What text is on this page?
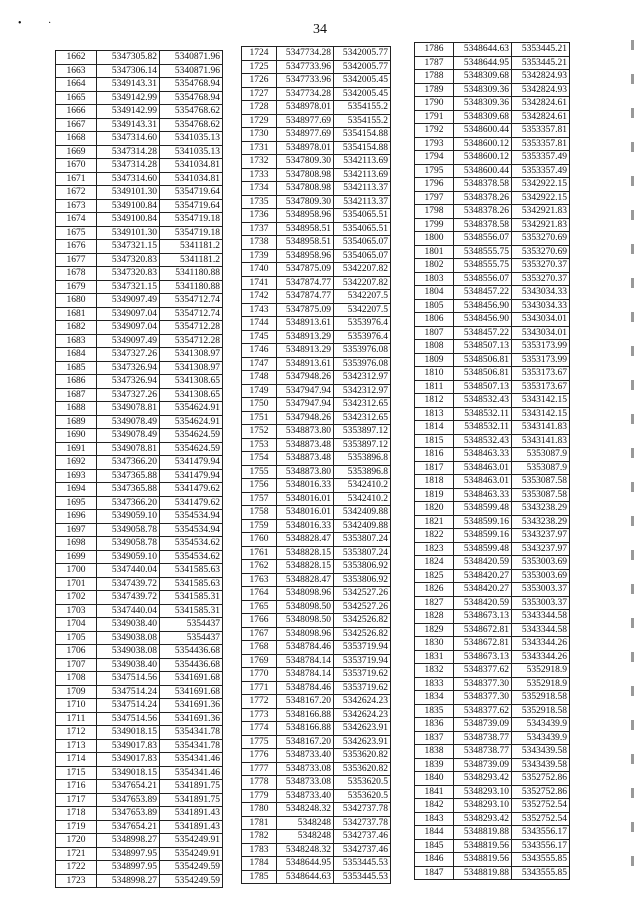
•	·	34
1662	5347305.82	5340871.96
1663	5347306.14	5340871.96
1664	5349143.31	5354768.94
1665	5349142.99	5354768.94
1666	5349142.99	5354768.62
1667	5349143.31	5354768.62
1668	5347314.60	5341035.13
1669	5347314.28	5341035.13
1670	5347314.28	5341034.81
1671	5347314.60	5341034.81
1672	5349101.30	5354719.64
1673	5349100.84	5354719.64
1674	5349100.84	5354719.18
1675	5349101.30	5354719.18
1676	5347321.15	5341181.2
1677	5347320.83	5341181.2
1678	5347320.83	5341180.88
1679	5347321.15	5341180.88
1680	5349097.49	5354712.74
1681	5349097.04	5354712.74
1682	5349097.04	5354712.28
1683	5349097.49	5354712.28
1684	5347327.26	5341308.97
1685	5347326.94	5341308.97
1686	5347326.94	5341308.65
1687	5347327.26	5341308.65
1688	5349078.81	5354624.91
1689	5349078.49	5354624.91
1690	5349078.49	5354624.59
1691	5349078.81	5354624.59
1692	5347366.20	5341479.94
1693	5347365.88	5341479.94
1694	5347365.88	5341479.62
1695	5347366.20	5341479.62
1696	5349059.10	5354534.94
1697	5349058.78	5354534.94
1698	5349058.78	5354534.62
1699	5349059.10	5354534.62
1700	5347440.04	5341585.63
1701	5347439.72	5341585.63
1702	5347439.72	5341585.31
1703	5347440.04	5341585.31
1704	5349038.40	5354437
1705	5349038.08	5354437
1706	5349038.08	5354436.68
1707	5349038.40	5354436.68
1708	5347514.56	5341691.68
1709	5347514.24	5341691.68
1710	5347514.24	5341691.36
1711	5347514.56	5341691.36
1712	5349018.15	5354341.78
1713	5349017.83	5354341.78
1714	5349017.83	5354341.46
1715	5349018.15	5354341.46
1716	5347654.21	5341891.75
1717	5347653.89	5341891.75
1718	5347653.89	5341891.43
1719	5347654.21	5341891.43
1720	5348998.27	5354249.91
1721	5348997.95	5354249.91
1722	5348997.95	5354249.59
1723	5348998.27	5354249.59
1724	5347734.28	5342005.77
1725	5347733.96	5342005.77
1726	5347733.96	5342005.45
1727	5347734.28	5342005.45
1728	5348978.01	5354155.2
1729	5348977.69	5354155.2
1730	5348977.69	5354154.88
1731	5348978.01	5354154.88
1732	5347809.30	5342113.69
1733	5347808.98	5342113.69
1734	5347808.98	5342113.37
1735	5347809.30	5342113.37
1736	5348958.96	5354065.51
1737	5348958.51	5354065.51
1738	5348958.51	5354065.07
1739	5348958.96	5354065.07
1740	5347875.09	5342207.82
1741	5347874.77	5342207.82
1742	5347874.77	5342207.5
1743	5347875.09	5342207.5
1744	5348913.61	5353976.4
1745	5348913.29	5353976.4
1746	5348913.29	5353976.08
1747	5348913.61	5353976.08
1748	5347948.26	5342312.97
1749	5347947.94	5342312.97
1750	5347947.94	5342312.65
1751	5347948.26	5342312.65
1752	5348873.80	5353897.12
1753	5348873.48	5353897.12
1754	5348873.48	5353896.8
1755	5348873.80	5353896.8
1756	5348016.33	5342410.2
1757	5348016.01	5342410.2
1758	5348016.01	5342409.88
1759	5348016.33	5342409.88
1760	5348828.47	5353807.24
1761	5348828.15	5353807.24
1762	5348828.15	5353806.92
1763	5348828.47	5353806.92
1764	5348098.96	5342527.26
1765	5348098.50	5342527.26
1766	5348098.50	5342526.82
1767	5348098.96	5342526.82
1768	5348784.46	5353719.94
1769	5348784.14	5353719.94
1770	5348784.14	5353719.62
1771	5348784.46	5353719.62
1772	5348167.20	5342624.23
1773	5348166.88	5342624.23
1774	5348166.88	5342623.91
1775	5348167.20	5342623.91
1776	5348733.40	5353620.82
1777	5348733.08	5353620.82
1778	5348733.08	5353620.5
1779	5348733.40	5353620.5
1780	5348248.32	5342737.78
1781	5348248	5342737.78
1782	5348248	5342737.46
1783	5348248.32	5342737.46
1784	5348644.95	5353445.53
1785	5348644.63	5353445.53
1786	5348644.63	5353445.21
1787	5348644.95	5353445.21
1788	5348309.68	5342824.93
1789	5348309.36	5342824.93
1790	5348309.36	5342824.61
1791	5348309.68	5342824.61
1792	5348600.44	5353357.81
1793	5348600.12	5353357.81
1794	5348600.12	5353357.49
1795	5348600.44	5353357.49
1796	5348378.58	5342922.15
1797	5348378.26	5342922.15
1798	5348378.26	5342921.83
1799	5348378.58	5342921.83
1800	5348556.07	5353270.69
1801	5348555.75	5353270.69
1802	5348555.75	5353270.37
1803	5348556.07	5353270.37
1804	5348457.22	5343034.33
1805	5348456.90	5343034.33
1806	5348456.90	5343034.01
1807	5348457.22	5343034.01
1808	5348507.13	5353173.99
1809	5348506.81	5353173.99
1810	5348506.81	5353173.67
1811	5348507.13	5353173.67
1812	5348532.43	5343142.15
1813	5348532.11	5343142.15
1814	5348532.11	5343141.83
1815	5348532.43	5343141.83
1816	5348463.33	5353087.9
1817	5348463.01	5353087.9
1818	5348463.01	5353087.58
1819	5348463.33	5353087.58
1820	5348599.48	5343238.29
1821	5348599.16	5343238.29
1822	5348599.16	5343237.97
1823	5348599.48	5343237.97
1824	5348420.59	5353003.69
1825	5348420.27	5353003.69
1826	5348420.27	5353003.37
1827	5348420.59	5353003.37
1828	5348673.13	5343344.58
1829	5348672.81	5343344.58
1830	5348672.81	5343344.26
1831	5348673.13	5343344.26
1832	5348377.62	5352918.9
1833	5348377.30	5352918.9
1834	5348377.30	5352918.58
1835	5348377.62	5352918.58
1836	5348739.09	5343439.9
1837	5348738.77	5343439.9
1838	5348738.77	5343439.58
1839	5348739.09	5343439.58
1840	5348293.42	5352752.86
1841	5348293.10	5352752.86
1842	5348293.10	5352752.54
1843	5348293.42	5352752.54
1844	5348819.88	5343556.17
1845	5348819.56	5343556.17
1846	5348819.56	5343555.85
1847	5348819.88	5343555.85
